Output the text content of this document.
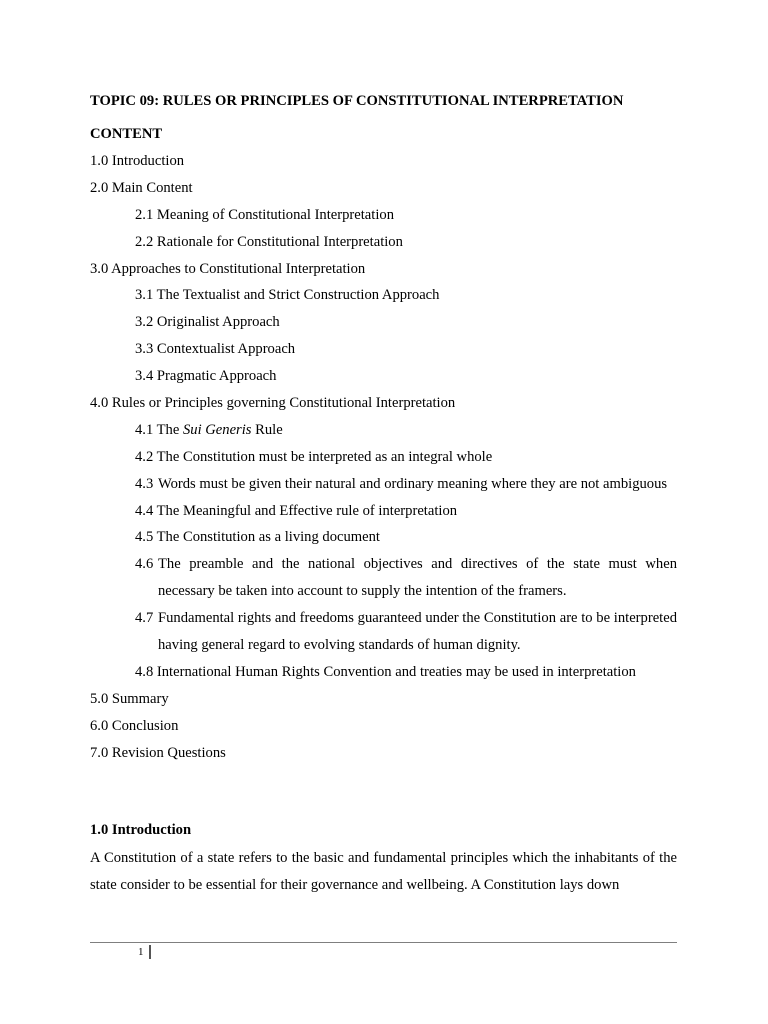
TOPIC 09: RULES OR PRINCIPLES OF CONSTITUTIONAL INTERPRETATION
CONTENT
1.0 Introduction
2.0 Main Content
2.1 Meaning of Constitutional Interpretation
2.2 Rationale for Constitutional Interpretation
3.0 Approaches to Constitutional Interpretation
3.1 The Textualist and Strict Construction Approach
3.2 Originalist Approach
3.3 Contextualist Approach
3.4 Pragmatic Approach
4.0 Rules or Principles governing Constitutional Interpretation
4.1 The Sui Generis Rule
4.2 The Constitution must be interpreted as an integral whole
4.3 Words must be given their natural and ordinary meaning where they are not ambiguous
4.4 The Meaningful and Effective rule of interpretation
4.5 The Constitution as a living document
4.6 The preamble and the national objectives and directives of the state must when necessary be taken into account to supply the intention of the framers.
4.7 Fundamental rights and freedoms guaranteed under the Constitution are to be interpreted having general regard to evolving standards of human dignity.
4.8 International Human Rights Convention and treaties may be used in interpretation
5.0 Summary
6.0 Conclusion
7.0 Revision Questions
1.0 Introduction
A Constitution of a state refers to the basic and fundamental principles which the inhabitants of the state consider to be essential for their governance and wellbeing. A Constitution lays down
1
